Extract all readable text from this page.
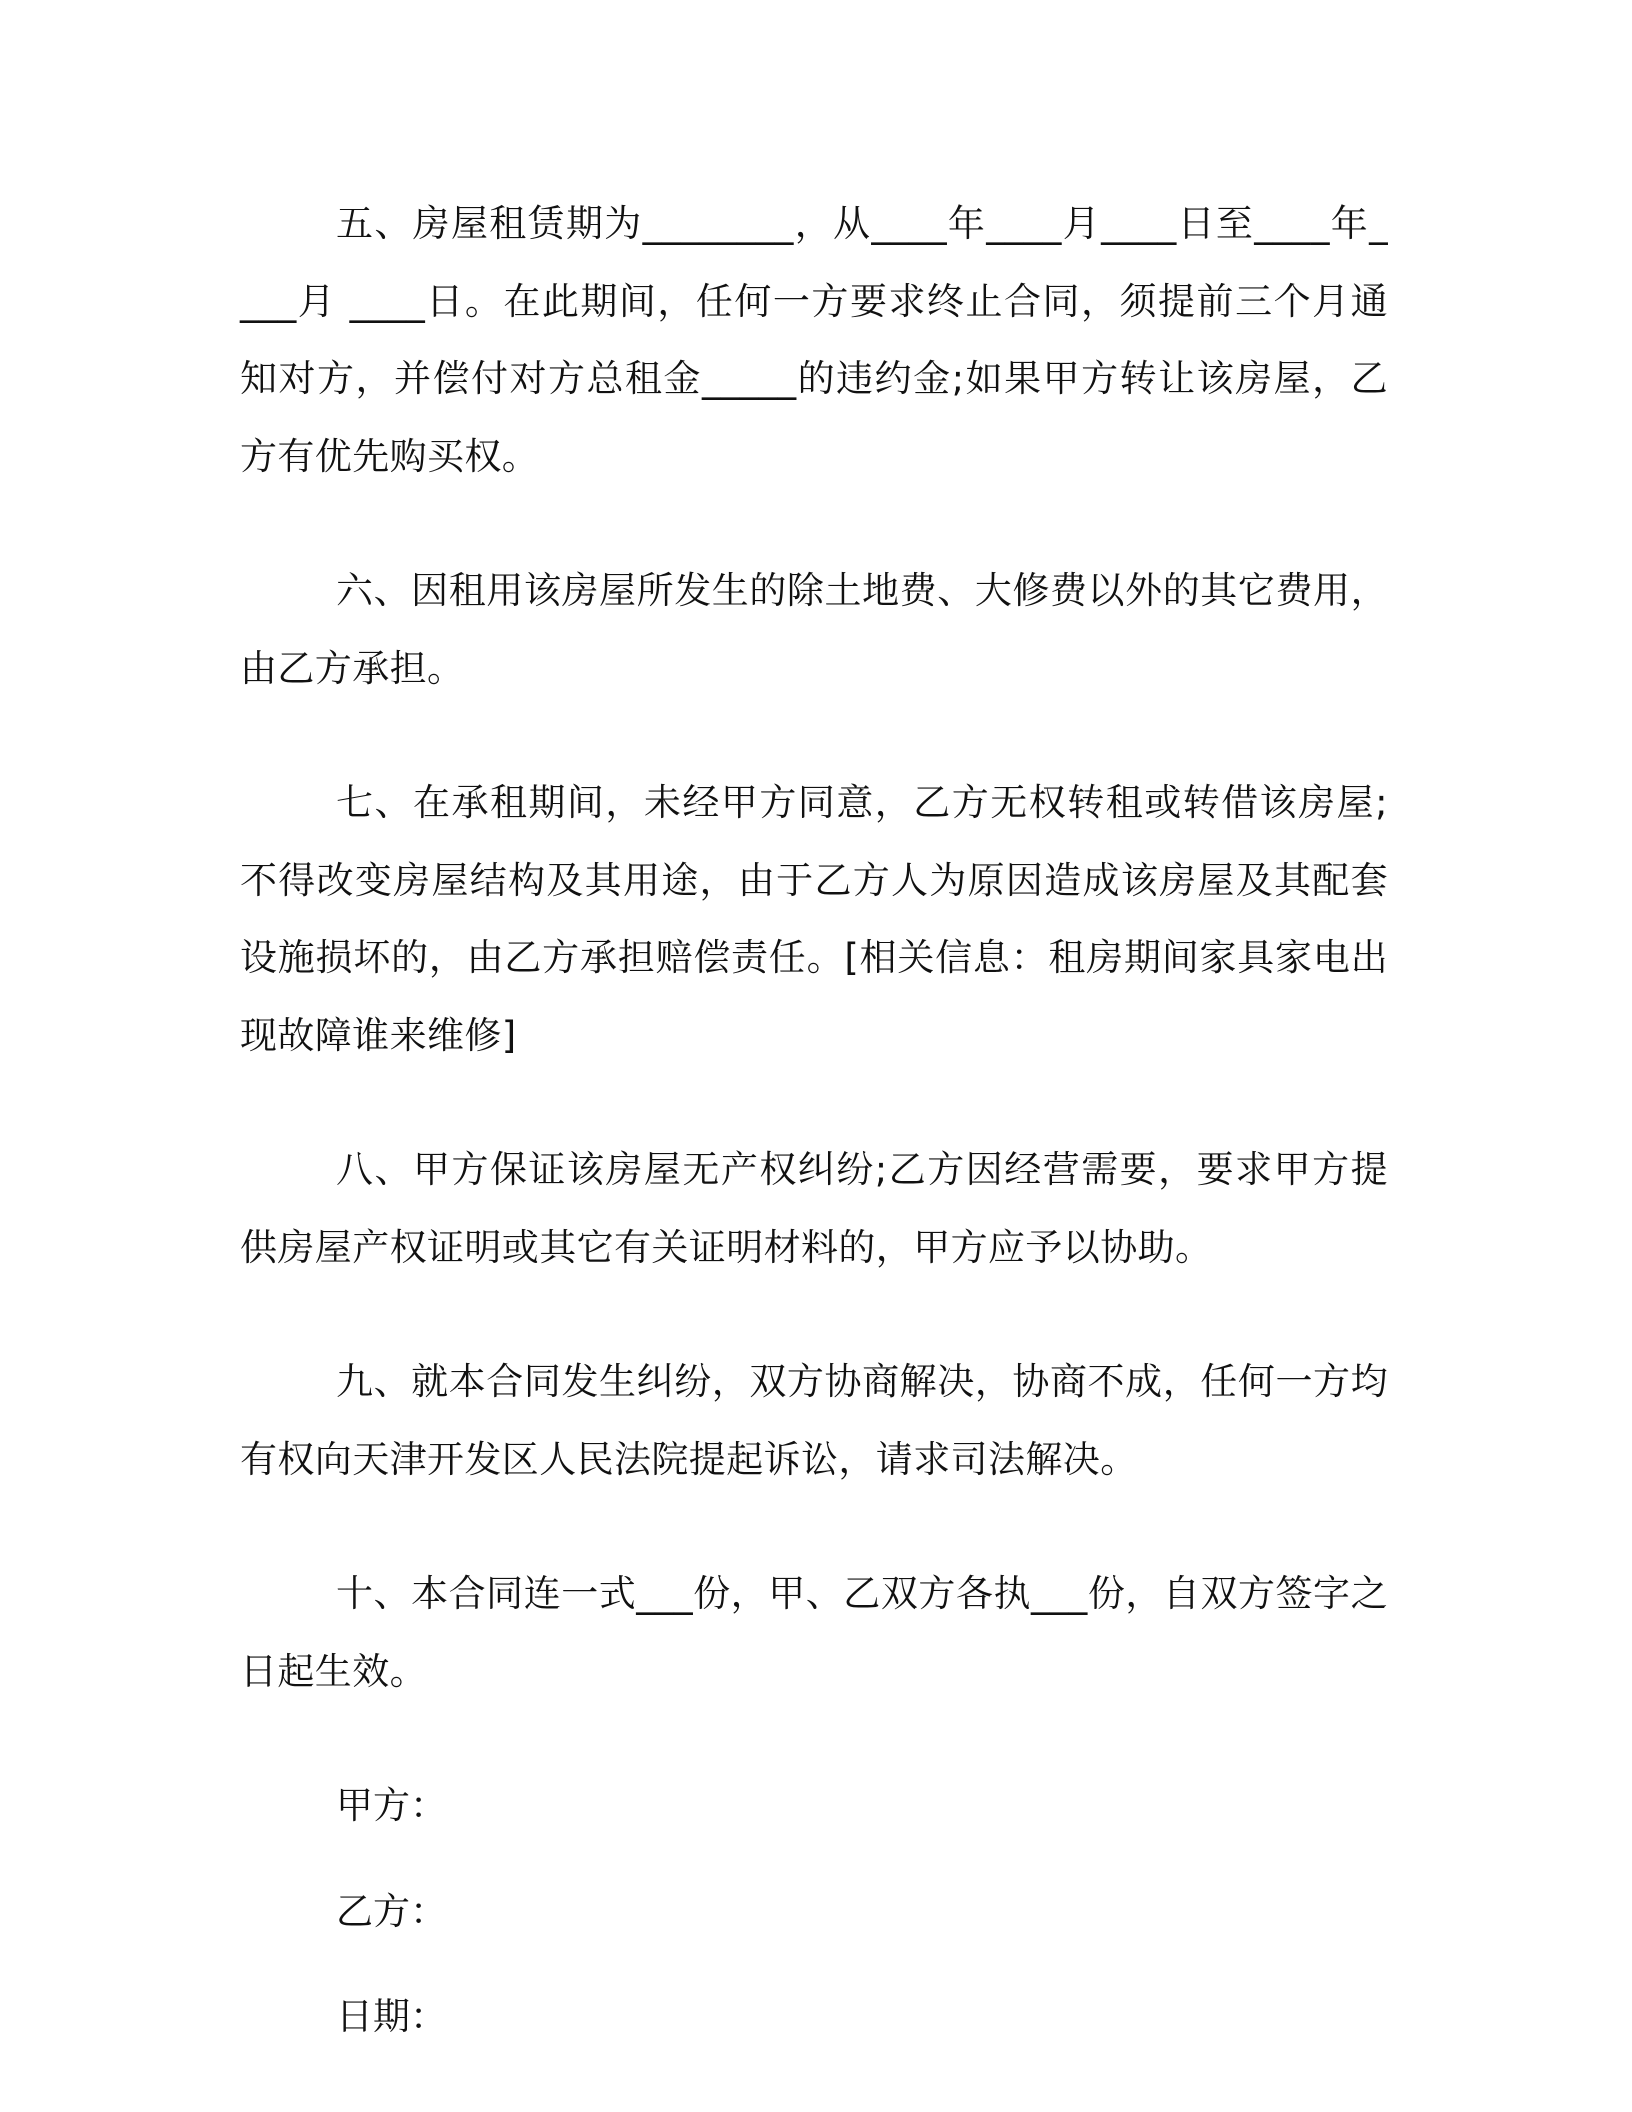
五、房屋租赁期为________，从____年____月____日至____年____月 ____日。在此期间，任何一方要求终止合同，须提前三个月通知对方，并偿付对方总租金_____的违约金;如果甲方转让该房屋，乙方有优先购买权。

六、因租用该房屋所发生的除土地费、大修费以外的其它费用，由乙方承担。

七、在承租期间，未经甲方同意，乙方无权转租或转借该房屋;不得改变房屋结构及其用途，由于乙方人为原因造成该房屋及其配套设施损坏的，由乙方承担赔偿责任。[相关信息：租房期间家具家电出现故障谁来维修]

八、甲方保证该房屋无产权纠纷;乙方因经营需要，要求甲方提供房屋产权证明或其它有关证明材料的，甲方应予以协助。

九、就本合同发生纠纷，双方协商解决，协商不成，任何一方均有权向天津开发区人民法院提起诉讼，请求司法解决。

十、本合同连一式___份，甲、乙双方各执___份，自双方签字之日起生效。

甲方：

乙方：

日期：
